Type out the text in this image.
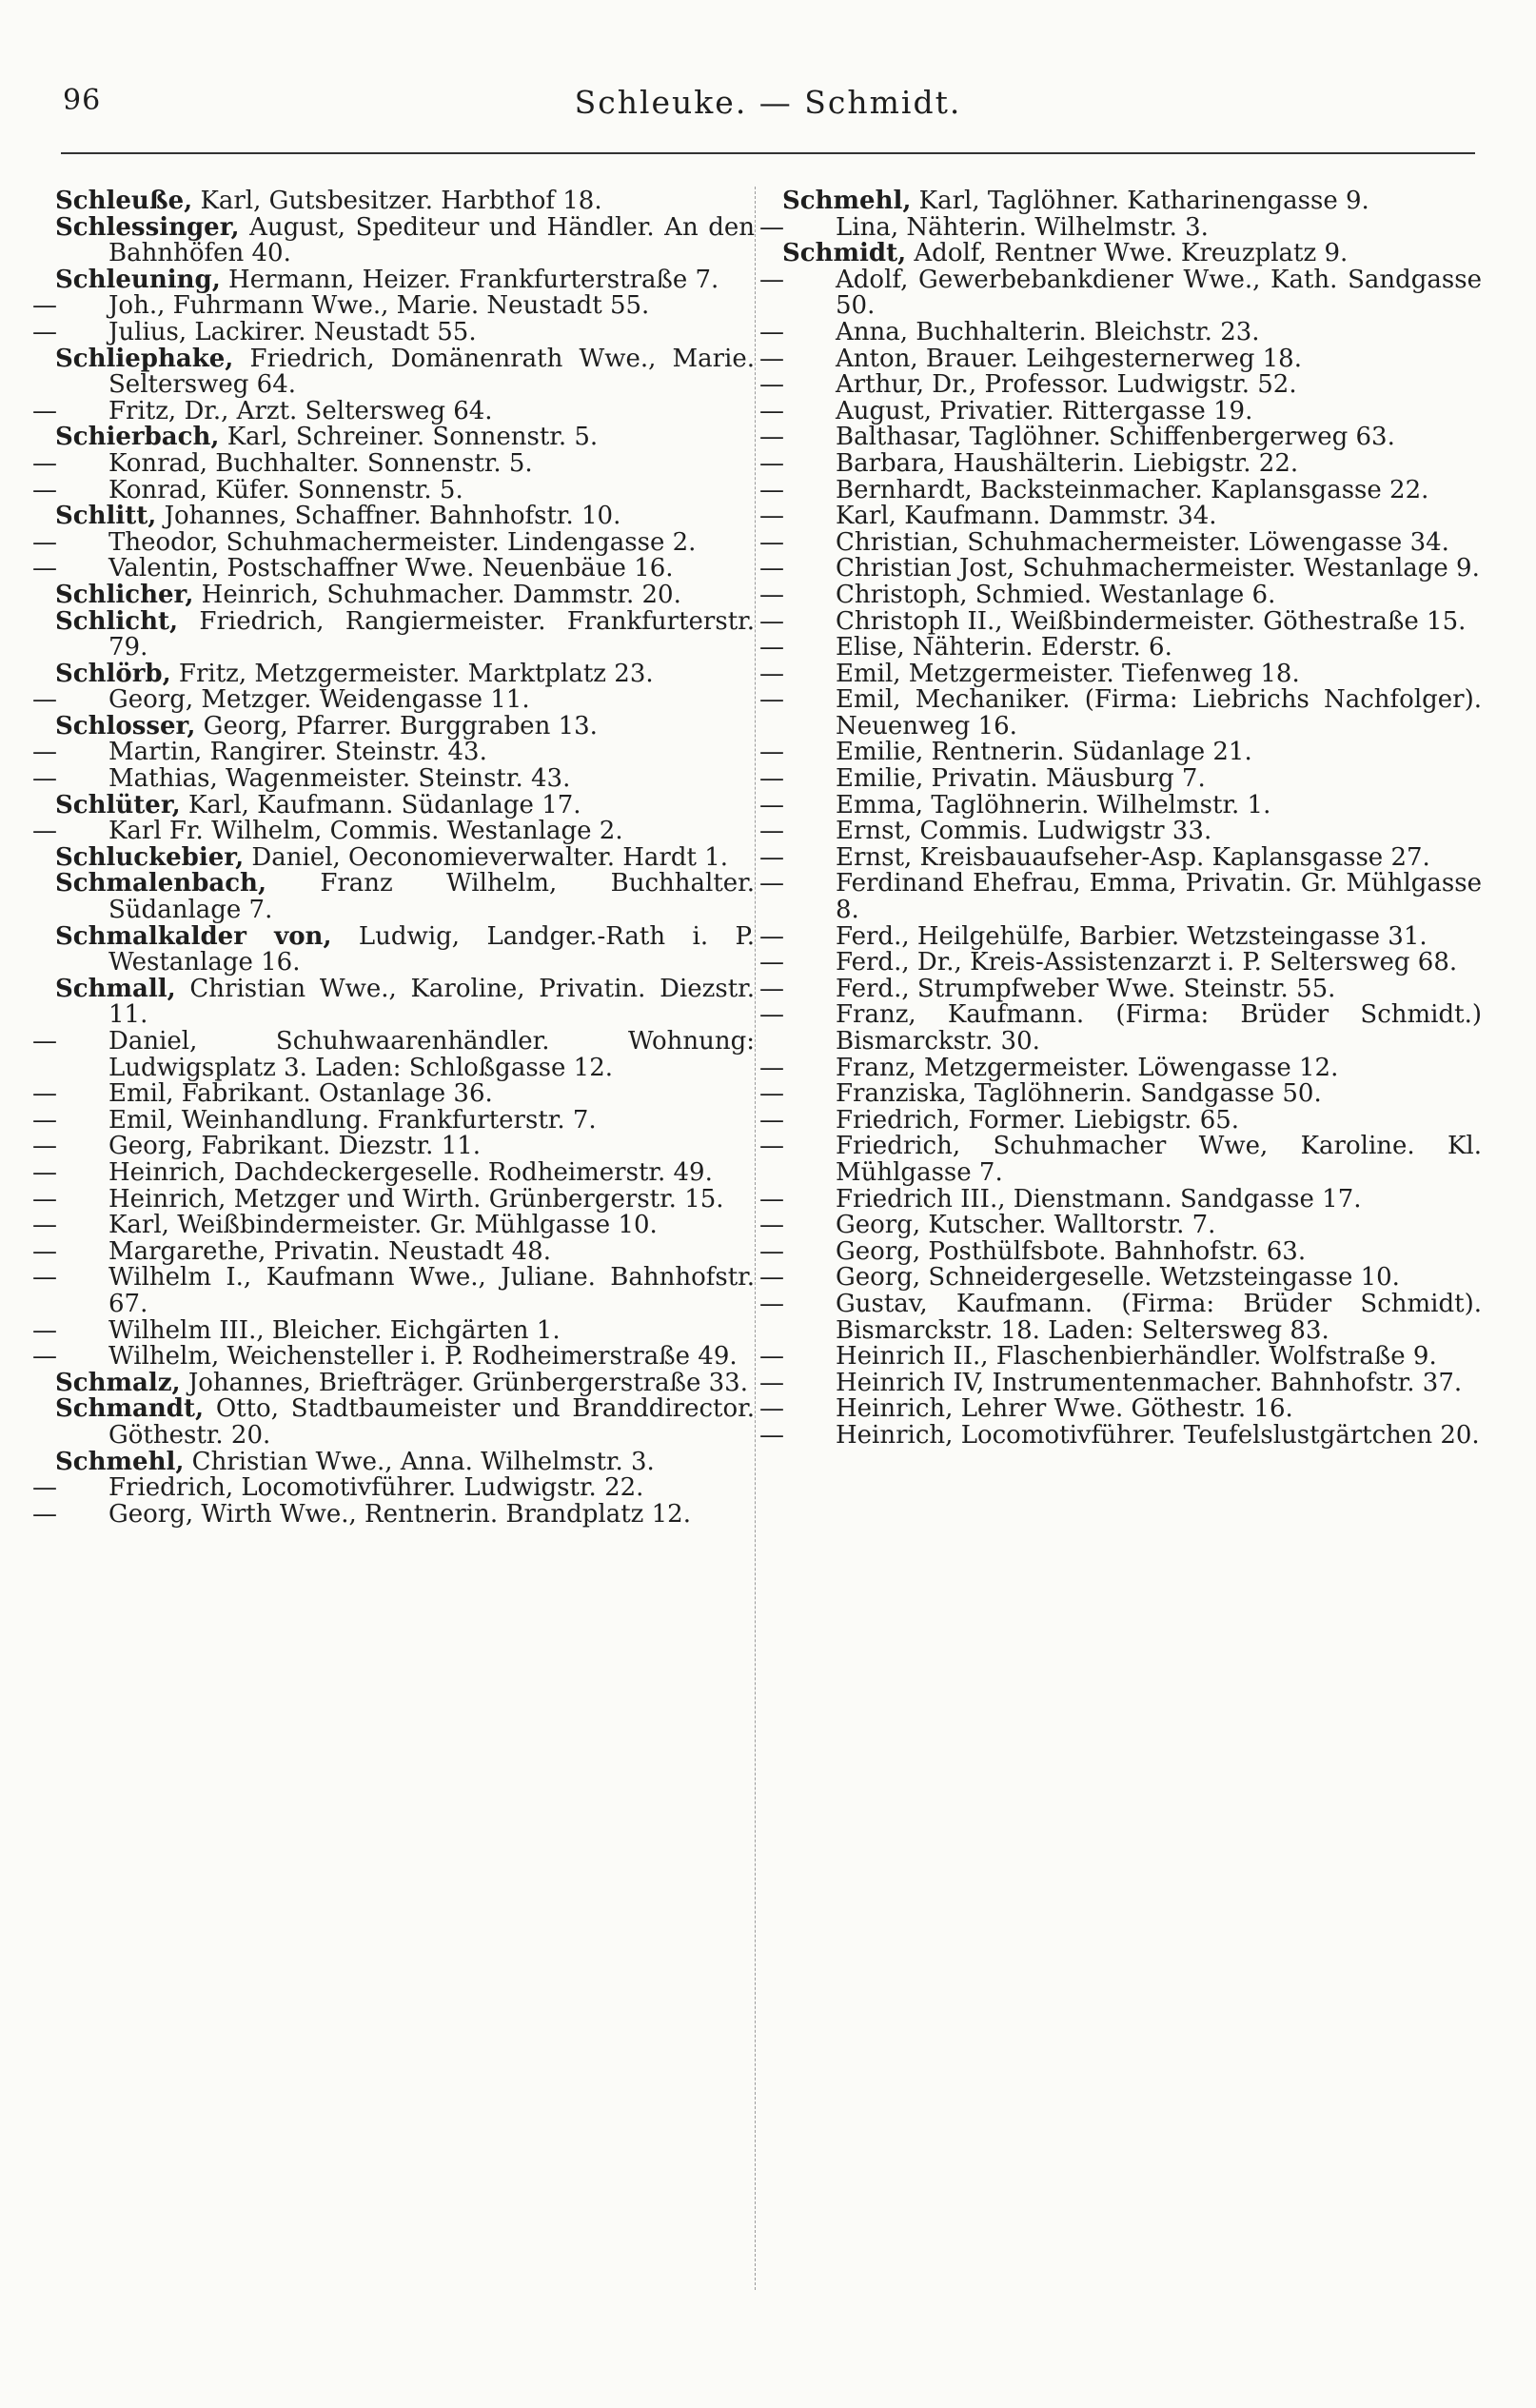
96	Schleuke. — Schmidt.
Schleuße, Karl, Gutsbesitzer. Harbthof 18.
Schlessinger, August, Spediteur und Händler. An den Bahnhöfen 40.
Schleuning, Hermann, Heizer. Frankfurterstraße 7.
— Joh., Fuhrmann Wwe., Marie. Neustadt 55.
— Julius, Lackirer. Neustadt 55.
Schliephake, Friedrich, Domänenrath Wwe., Marie. Seltersweg 64.
— Fritz, Dr., Arzt. Seltersweg 64.
Schierbach, Karl, Schreiner. Sonnenstr. 5.
— Konrad, Buchhalter. Sonnenstr. 5.
— Konrad, Küfer. Sonnenstr. 5.
Schlitt, Johannes, Schaffner. Bahnhofstr. 10.
— Theodor, Schuhmachermeister. Lindengasse 2.
— Valentin, Postschaffner Wwe. Neuenbäue 16.
Schlicher, Heinrich, Schuhmacher. Dammstr. 20.
Schlicht, Friedrich, Rangiermeister. Frankfurterstr. 79.
Schlörb, Fritz, Metzgermeister. Marktplatz 23.
— Georg, Metzger. Weidengasse 11.
Schlosser, Georg, Pfarrer. Burggraben 13.
— Martin, Rangirer. Steinstr. 43.
— Mathias, Wagenmeister. Steinstr. 43.
Schlüter, Karl, Kaufmann. Südanlage 17.
— Karl Fr. Wilhelm, Commis. Westanlage 2.
Schluckebier, Daniel, Oeconomieverwalter. Hardt 1.
Schmalenbach, Franz Wilhelm, Buchhalter. Südanlage 7.
Schmalkalder von, Ludwig, Landger.-Rath i. P. Westanlage 16.
Schmall, Christian Wwe., Karoline, Privatin. Diezstr. 11.
— Daniel, Schuhwaarenhändler. Wohnung: Ludwigsplatz 3. Laden: Schloßgasse 12.
— Emil, Fabrikant. Ostanlage 36.
— Emil, Weinhandlung. Frankfurterstr. 7.
— Georg, Fabrikant. Diezstr. 11.
— Heinrich, Dachdeckergeselle. Rodheimerstr. 49.
— Heinrich, Metzger und Wirth. Grünbergerstr. 15.
— Karl, Weißbindermeister. Gr. Mühlgasse 10.
— Margarethe, Privatin. Neustadt 48.
— Wilhelm I., Kaufmann Wwe., Juliane. Bahnhofstr. 67.
— Wilhelm III., Bleicher. Eichgärten 1.
— Wilhelm, Weichensteller i. P. Rodheimerstraße 49.
Schmalz, Johannes, Briefträger. Grünbergerstraße 33.
Schmandt, Otto, Stadtbaumeister und Branddirector. Göthestr. 20.
Schmehl, Christian Wwe., Anna. Wilhelmstr. 3.
— Friedrich, Locomotivführer. Ludwigstr. 22.
— Georg, Wirth Wwe., Rentnerin. Brandplatz 12.
Schmehl, Karl, Taglöhner. Katharinengasse 9.
— Lina, Nähterin. Wilhelmstr. 3.
Schmidt, Adolf, Rentner Wwe. Kreuzplatz 9.
— Adolf, Gewerbebankdiener Wwe., Kath. Sandgasse 50.
— Anna, Buchhalterin. Bleichstr. 23.
— Anton, Brauer. Leihgesternerweg 18.
— Arthur, Dr., Professor. Ludwigstr. 52.
— August, Privatier. Rittergasse 19.
— Balthasar, Taglöhner. Schiffenbergerweg 63.
— Barbara, Haushälterin. Liebigstr. 22.
— Bernhardt, Backsteinmacher. Kaplansgasse 22.
— Karl, Kaufmann. Dammstr. 34.
— Christian, Schuhmachermeister. Löwengasse 34.
— Christian Jost, Schuhmachermeister. Westanlage 9.
— Christoph, Schmied. Westanlage 6.
— Christoph II., Weißbindermeister. Göthestraße 15.
— Elise, Nähterin. Ederstr. 6.
— Emil, Metzgermeister. Tiefenweg 18.
— Emil, Mechaniker. (Firma: Liebrichs Nachfolger). Neuenweg 16.
— Emilie, Rentnerin. Südanlage 21.
— Emilie, Privatin. Mäusburg 7.
— Emma, Taglöhnerin. Wilhelmstr. 1.
— Ernst, Commis. Ludwigstr 33.
— Ernst, Kreisbauaufseher-Asp. Kaplansgasse 27.
— Ferdinand Ehefrau, Emma, Privatin. Gr. Mühlgasse 8.
— Ferd., Heilgehülfe, Barbier. Wetzsteingasse 31.
— Ferd., Dr., Kreis-Assistenzarzt i. P. Seltersweg 68.
— Ferd., Strumpfweber Wwe. Steinstr. 55.
— Franz, Kaufmann. (Firma: Brüder Schmidt.) Bismarckstr. 30.
— Franz, Metzgermeister. Löwengasse 12.
— Franziska, Taglöhnerin. Sandgasse 50.
— Friedrich, Former. Liebigstr. 65.
— Friedrich, Schuhmacher Wwe, Karoline. Kl. Mühlgasse 7.
— Friedrich III., Dienstmann. Sandgasse 17.
— Georg, Kutscher. Walltorstr. 7.
— Georg, Posthülfsbote. Bahnhofstr. 63.
— Georg, Schneidergeselle. Wetzsteingasse 10.
— Gustav, Kaufmann. (Firma: Brüder Schmidt). Bismarckstr. 18. Laden: Seltersweg 83.
— Heinrich II., Flaschenbierhändler. Wolfstraße 9.
— Heinrich IV, Instrumentenmacher. Bahnhofstr. 37.
— Heinrich, Lehrer Wwe. Göthestr. 16.
— Heinrich, Locomotivführer. Teufelslustgärtchen 20.
